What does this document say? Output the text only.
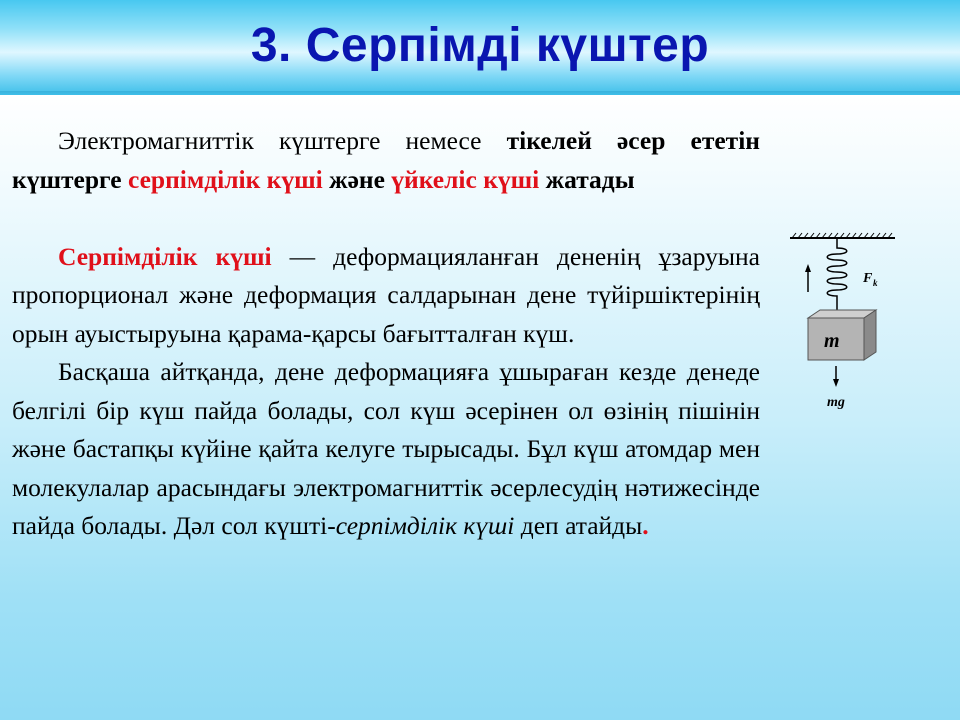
3. Серпімді күштер

Электромагниттік күштерге немесе тікелей әсер ететін күштерге серпімділік күші және үйкеліс күші жатады

Серпімділік күші — деформацияланған дененің ұзаруына пропорционал және деформация салдарынан дене түйіршіктерінің орын ауыстыруына қарама-қарсы бағытталған күш.

Басқаша айтқанда, дене деформацияға ұшыраған кезде денеде белгілі бір күш пайда болады, сол күш әсерінен ол өзінің пішінін және бастапқы күйіне қайта келуге тырысады. Бұл күш атомдар мен молекулалар арасындағы электромагниттік әсерлесудің нәтижесінде пайда болады. Дәл сол күшті-серпімділік күші деп атайды.

F k
m
mg
